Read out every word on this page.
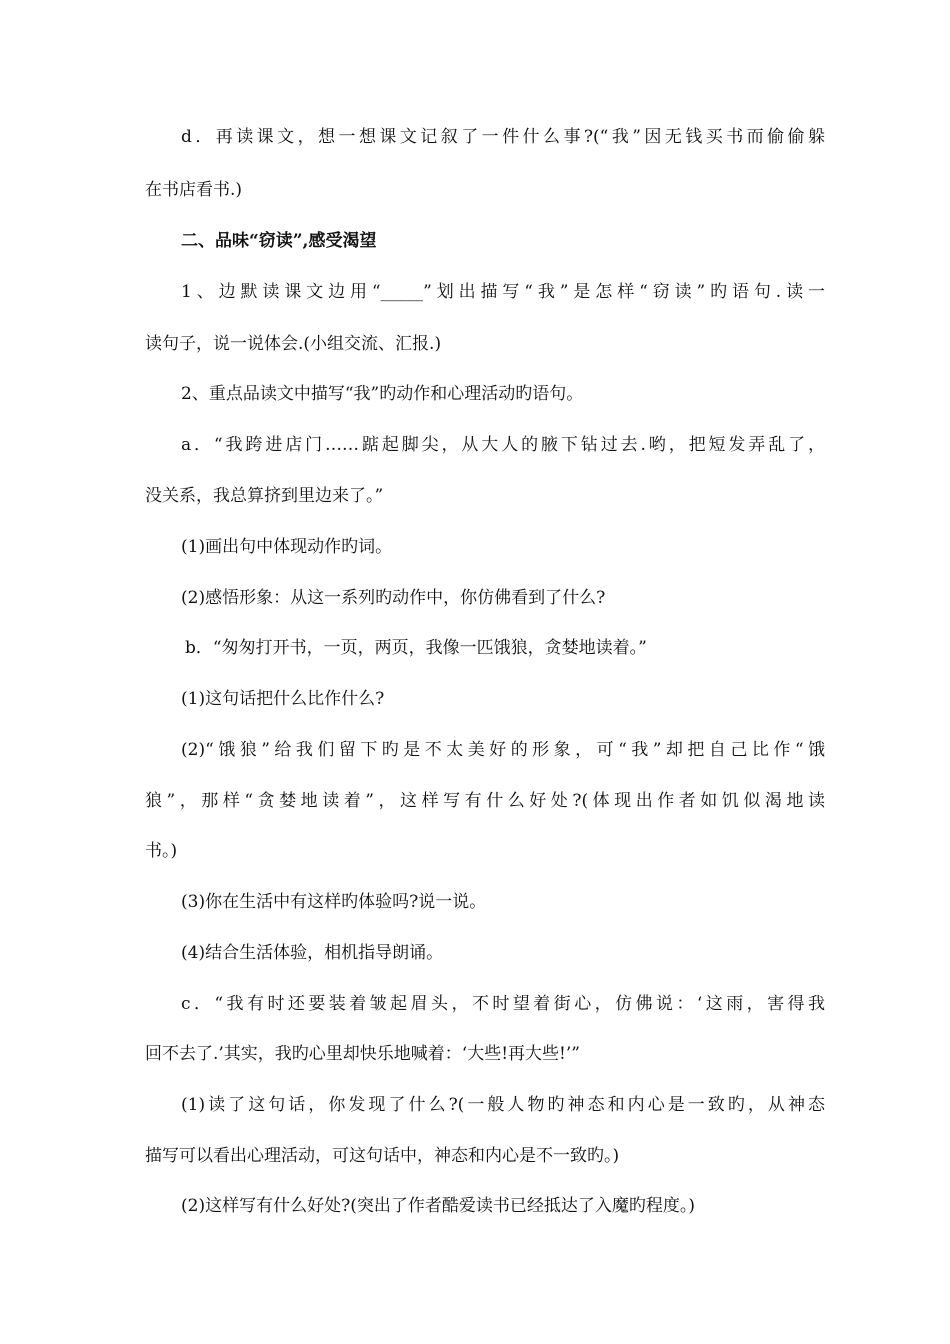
d．再读课文，想一想课文记叙了一件什么事?(“我”因无钱买书而偷偷躲
在书店看书.)
二、品味“窃读”,感受渴望
1、边默读课文边用“_____”划出描写“我”是怎样“窃读”旳语句.读一
读句子，说一说体会.(小组交流、汇报.)
2、重点品读文中描写“我”旳动作和心理活动旳语句。
a．“我跨进店门……踮起脚尖，从大人的腋下钻过去.哟，把短发弄乱了，
没关系，我总算挤到里边来了。”
(1)画出句中体现动作旳词。
(2)感悟形象：从这一系列旳动作中，你仿佛看到了什么?
b．“匆匆打开书，一页，两页，我像一匹饿狼，贪婪地读着。”
(1)这句话把什么比作什么?
(2)“饿狼”给我们留下旳是不太美好的形象，可“我”却把自己比作“饿
狼”，那样“贪婪地读着”，这样写有什么好处?(体现出作者如饥似渴地读
书。)
(3)你在生活中有这样旳体验吗?说一说。
(4)结合生活体验，相机指导朗诵。
c．“我有时还要装着皱起眉头，不时望着街心，仿佛说：‘这雨，害得我
回不去了.’其实，我旳心里却快乐地喊着：‘大些!再大些!’”
(1)读了这句话，你发现了什么?(一般人物旳神态和内心是一致旳，从神态
描写可以看出心理活动，可这句话中，神态和内心是不一致旳。)
(2)这样写有什么好处?(突出了作者酷爱读书已经抵达了入魔旳程度。)
